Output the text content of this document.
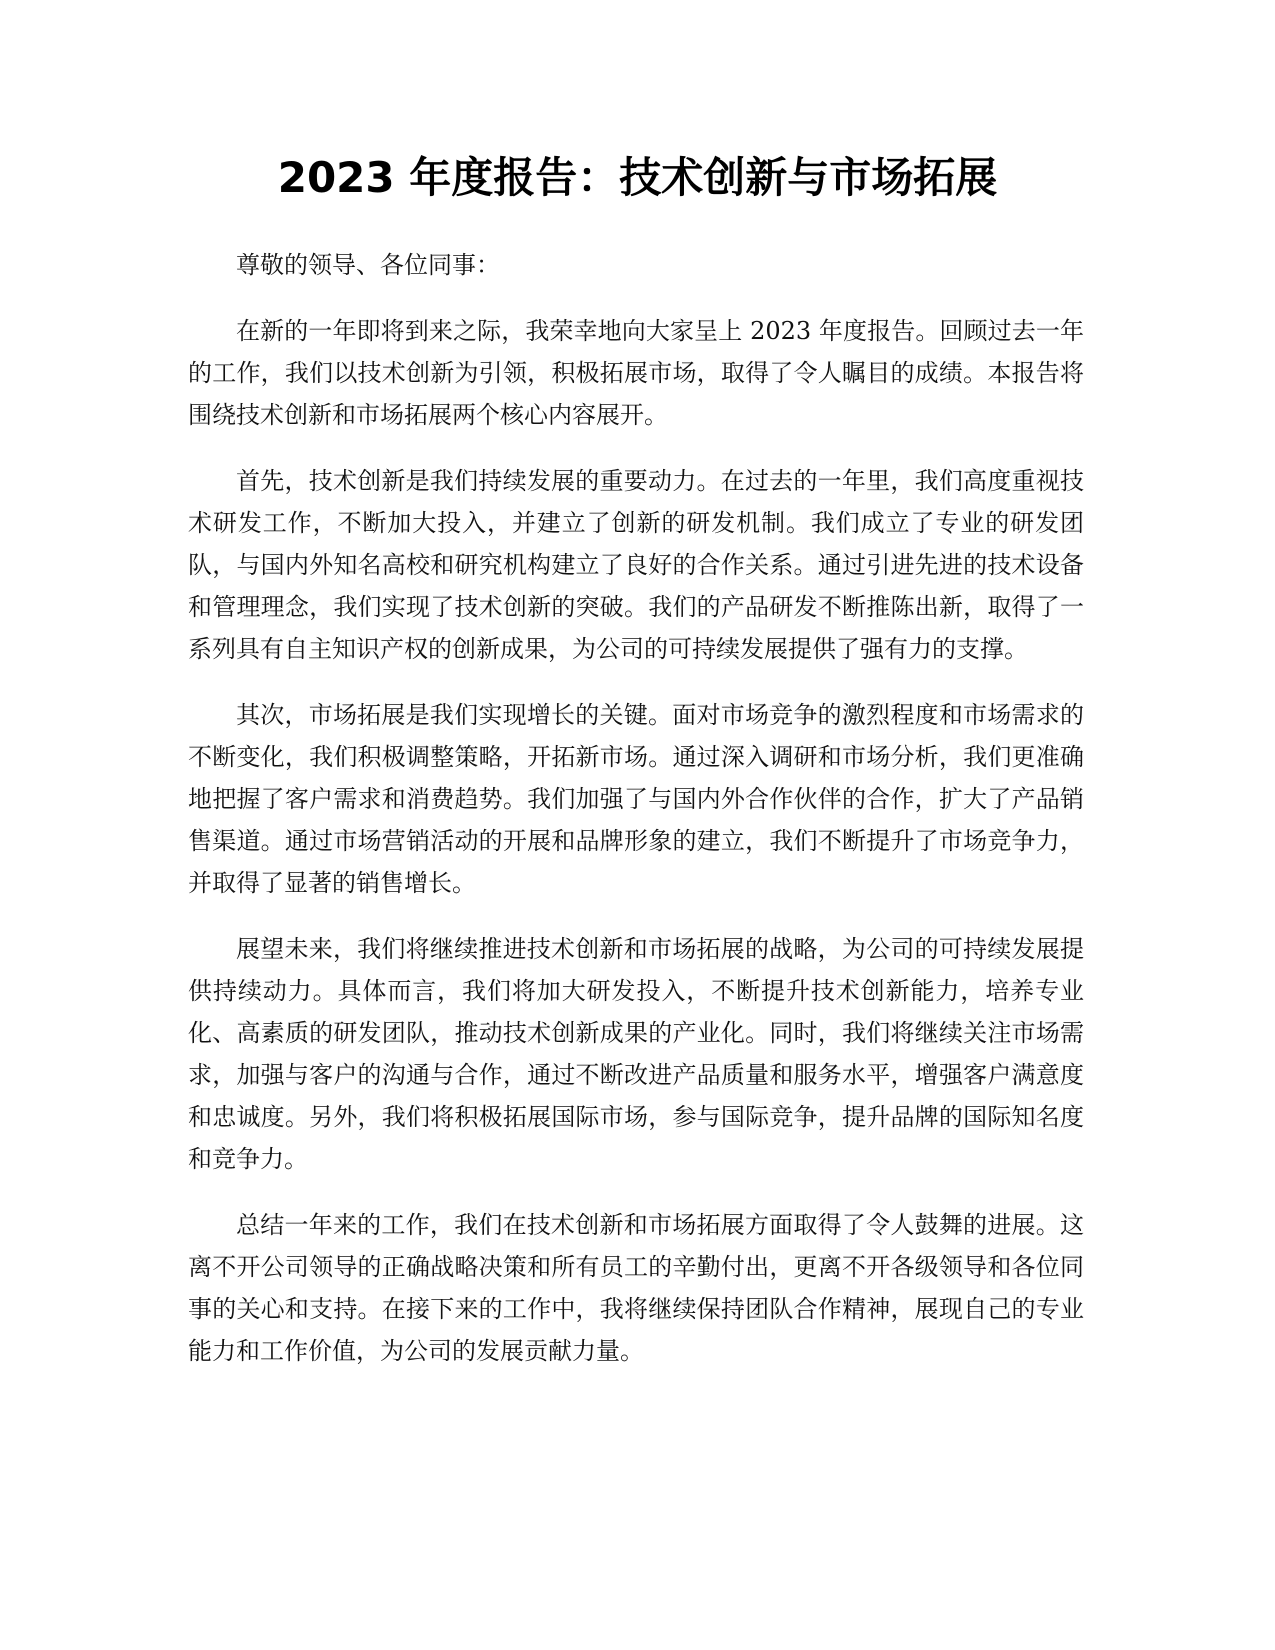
2023 年度报告：技术创新与市场拓展

尊敬的领导、各位同事：

在新的一年即将到来之际，我荣幸地向大家呈上 2023 年度报告。回顾过去一年的工作，我们以技术创新为引领，积极拓展市场，取得了令人瞩目的成绩。本报告将围绕技术创新和市场拓展两个核心内容展开。

首先，技术创新是我们持续发展的重要动力。在过去的一年里，我们高度重视技术研发工作，不断加大投入，并建立了创新的研发机制。我们成立了专业的研发团队，与国内外知名高校和研究机构建立了良好的合作关系。通过引进先进的技术设备和管理理念，我们实现了技术创新的突破。我们的产品研发不断推陈出新，取得了一系列具有自主知识产权的创新成果，为公司的可持续发展提供了强有力的支撑。

其次，市场拓展是我们实现增长的关键。面对市场竞争的激烈程度和市场需求的不断变化，我们积极调整策略，开拓新市场。通过深入调研和市场分析，我们更准确地把握了客户需求和消费趋势。我们加强了与国内外合作伙伴的合作，扩大了产品销售渠道。通过市场营销活动的开展和品牌形象的建立，我们不断提升了市场竞争力，并取得了显著的销售增长。

展望未来，我们将继续推进技术创新和市场拓展的战略，为公司的可持续发展提供持续动力。具体而言，我们将加大研发投入，不断提升技术创新能力，培养专业化、高素质的研发团队，推动技术创新成果的产业化。同时，我们将继续关注市场需求，加强与客户的沟通与合作，通过不断改进产品质量和服务水平，增强客户满意度和忠诚度。另外，我们将积极拓展国际市场，参与国际竞争，提升品牌的国际知名度和竞争力。

总结一年来的工作，我们在技术创新和市场拓展方面取得了令人鼓舞的进展。这离不开公司领导的正确战略决策和所有员工的辛勤付出，更离不开各级领导和各位同事的关心和支持。在接下来的工作中，我将继续保持团队合作精神，展现自己的专业能力和工作价值，为公司的发展贡献力量。
